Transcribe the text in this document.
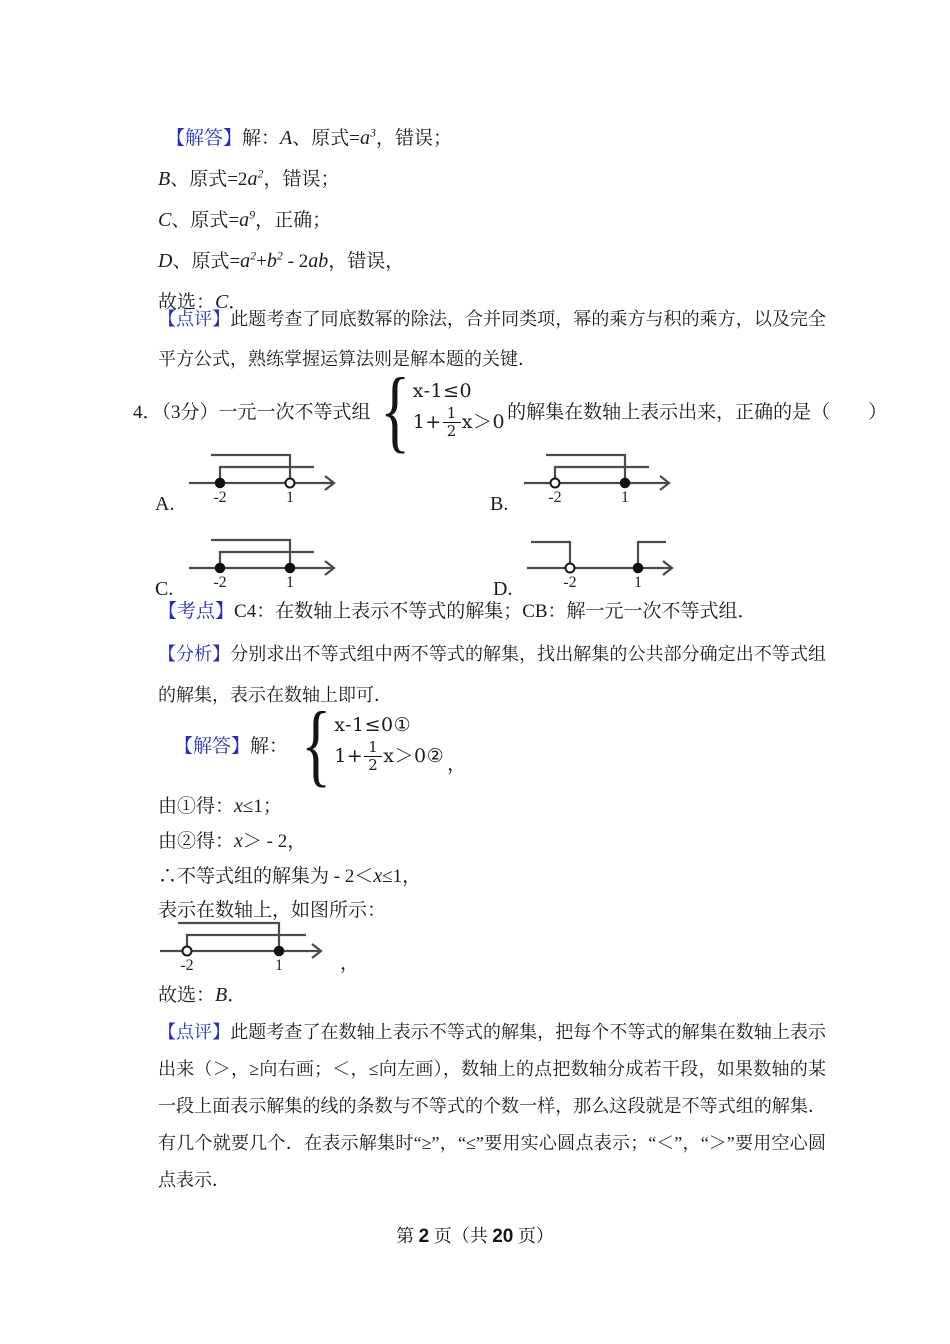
【解答】解：A、原式$=a^3$，错误；

B、原式$=2a^2$，错误；

C、原式$=a^9$，正确；

D、原式$=a^2+b^2 - 2ab$，错误，

故选：C．

【点评】此题考查了同底数幂的除法，合并同类项，幂的乘方与积的乘方，以及完全平方公式，熟练掌握运算法则是解本题的关键．

4．（3分）一元一次不等式组 { x-1≤0
$1+ \frac{1}{2}$ x ＞0 的解集在数轴上表示出来，正确的是（　　）
A. -2	1	B. -2	1
C. -2	1	D.	-2	1

【考点】C4：在数轴上表示不等式的解集；CB：解一元一次不等式组．

【分析】分别求出不等式组中两不等式的解集，找出解集的公共部分确定出不等式组的解集，表示在数轴上即可．

【解答】 解： { x-1≤0 ①
$1+ \frac{1}{2}$ x ＞0 ② ，

由①得：x≤1；

由②得：x＞ - 2，

∴不等式组的解集为 - 2＜x≤1，

表示在数轴上，如图所示：

-2	1	，

故选：B．

【点评】此题考查了在数轴上表示不等式的解集，把每个不等式的解集在数轴上表示出来（＞，≥向右画；＜，≤向左画），数轴上的点把数轴分成若干段，如果数轴的某一段上面表示解集的线的条数与不等式的个数一样，那么这段就是不等式组的解集．有几个就要几个．在表示解集时“≥”，“≤”要用实心圆点表示；“＜”，“＞”要用空心圆点表示．

第 2 页（共 20 页）
